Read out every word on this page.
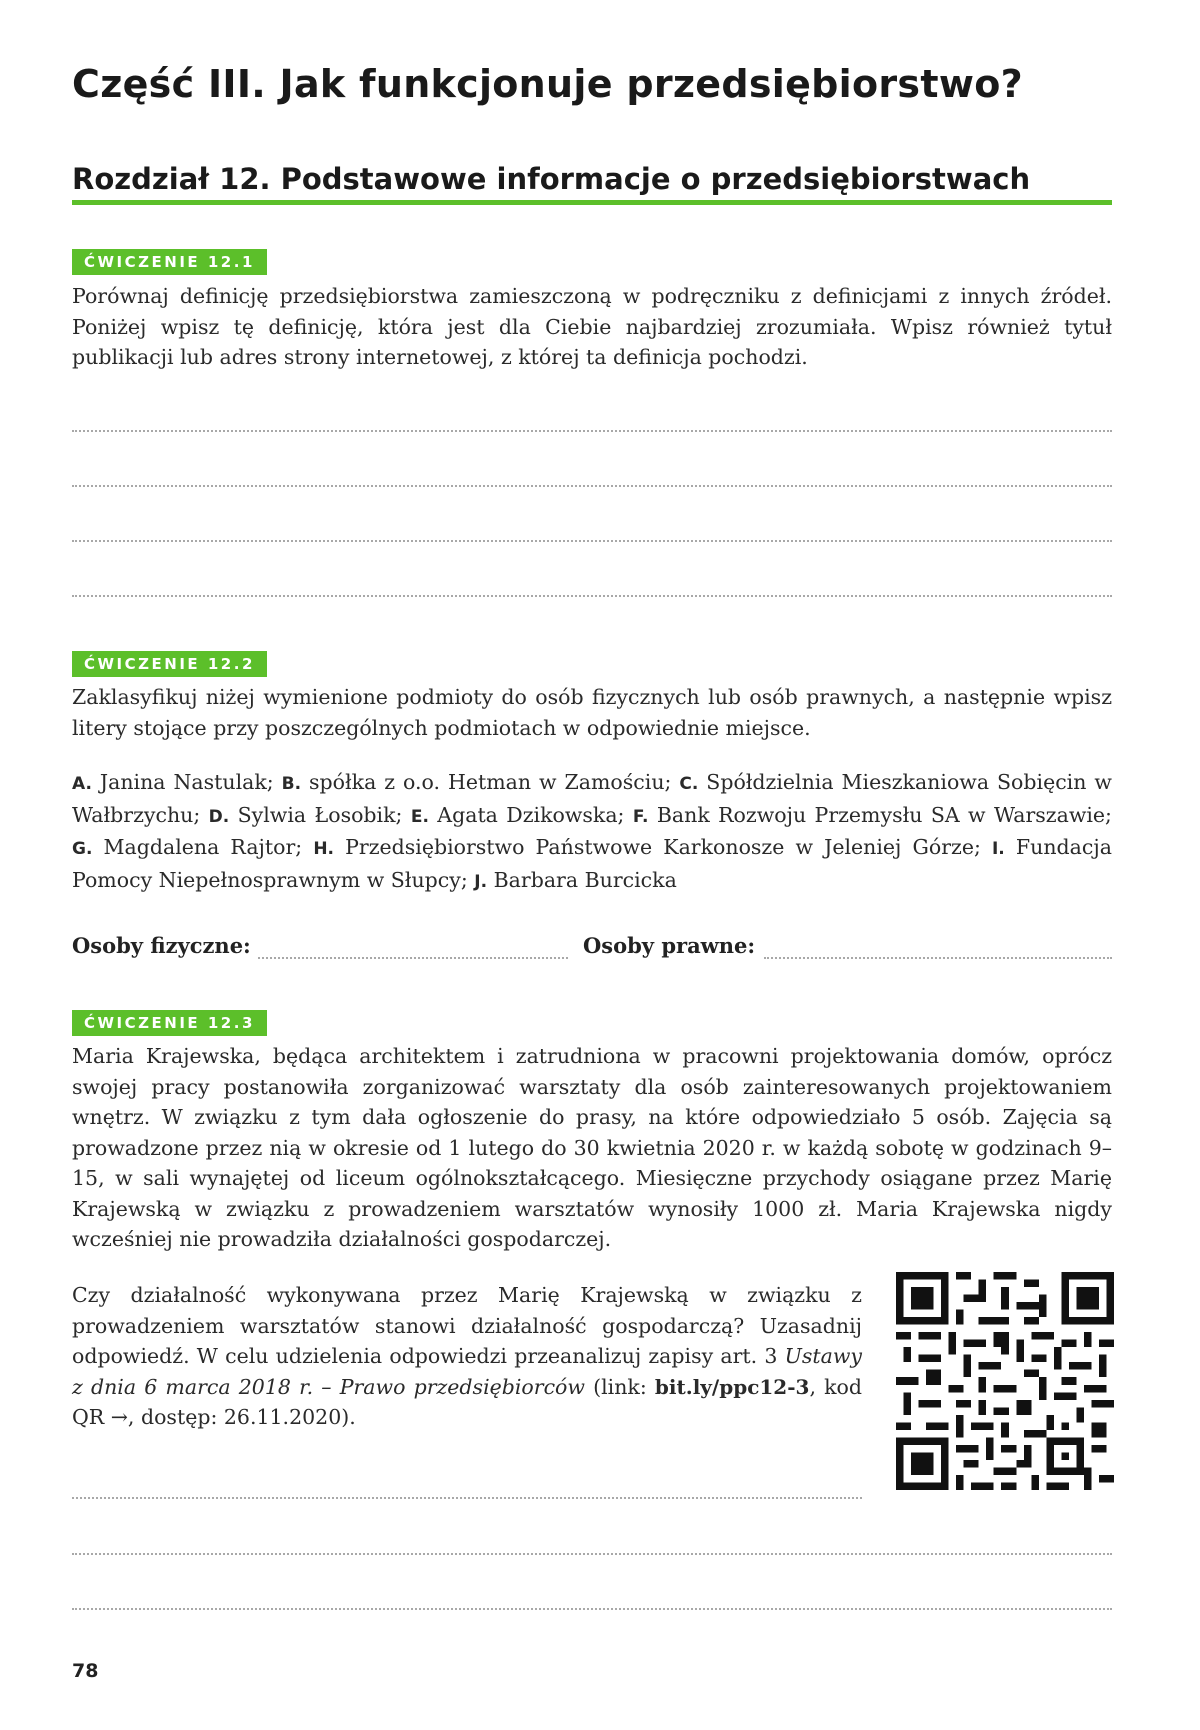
Część III. Jak funkcjonuje przedsiębiorstwo?
Rozdział 12. Podstawowe informacje o przedsiębiorstwach
ĆWICZENIE 12.1

Porównaj definicję przedsiębiorstwa zamieszczoną w podręczniku z definicjami z innych źródeł. Poniżej wpisz tę definicję, która jest dla Ciebie najbardziej zrozumiała. Wpisz również tytuł publikacji lub adres strony internetowej, z której ta definicja pochodzi.

ĆWICZENIE 12.2

Zaklasyfikuj niżej wymienione podmioty do osób fizycznych lub osób prawnych, a następnie wpisz litery stojące przy poszczególnych podmiotach w odpowiednie miejsce.

A. Janina Nastulak; B. spółka z o.o. Hetman w Zamościu; C. Spółdzielnia Mieszkaniowa Sobięcin w Wałbrzychu; D. Sylwia Łosobik; E. Agata Dzikowska; F. Bank Rozwoju Przemysłu SA w Warszawie; G. Magdalena Rajtor; H. Przedsiębiorstwo Państwowe Karkonosze w Jeleniej Górze; I. Fundacja Pomocy Niepełnosprawnym w Słupcy; J. Barbara Burcicka

Osoby fizyczne:	Osoby prawne:
ĆWICZENIE 12.3

Maria Krajewska, będąca architektem i zatrudniona w pracowni projektowania domów, oprócz swojej pracy postanowiła zorganizować warsztaty dla osób zainteresowanych projektowaniem wnętrz. W związku z tym dała ogłoszenie do prasy, na które odpowiedziało 5 osób. Zajęcia są prowadzone przez nią w okresie od 1 lutego do 30 kwietnia 2020 r. w każdą sobotę w godzinach 9–15, w sali wynajętej od liceum ogólnokształcącego. Miesięczne przychody osiągane przez Marię Krajewską w związku z prowadzeniem warsztatów wynosiły 1000 zł. Maria Krajewska nigdy wcześniej nie prowadziła działalności gospodarczej.

Czy działalność wykonywana przez Marię Krajewską w związku z prowadzeniem warsztatów stanowi działalność gospodarczą? Uzasadnij odpowiedź. W celu udzielenia odpowiedzi przeanalizuj zapisy art. 3 Ustawy z dnia 6 marca 2018 r. – Prawo przedsiębiorców (link: bit.ly/ppc12-3, kod QR →, dostęp: 26.11.2020).

78
